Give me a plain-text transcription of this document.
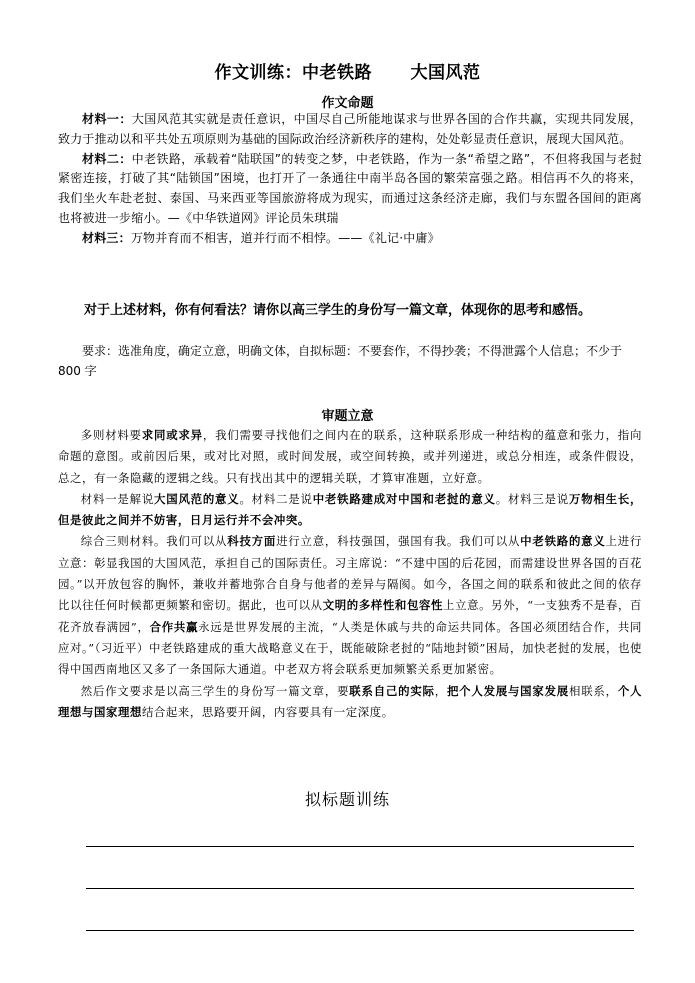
作文训练：中老铁路      大国风范
作文命题

材料一：大国风范其实就是责任意识，中国尽自己所能地谋求与世界各国的合作共赢，实现共同发展，致力于推动以和平共处五项原则为基础的国际政治经济新秩序的建构，处处彰显责任意识，展现大国风范。

材料二：中老铁路，承载着“陆联国”的转变之梦，中老铁路，作为一条“希望之路”，不但将我国与老挝紧密连接，打破了其“陆锁国”困境，也打开了一条通往中南半岛各国的繁荣富强之路。相信再不久的将来，我们坐火车赴老挝、泰国、马来西亚等国旅游将成为现实，而通过这条经济走廊，我们与东盟各国间的距离也将被进一步缩小。—《中华铁道网》评论员朱琪瑞

材料三：万物并育而不相害，道并行而不相悖。——《礼记·中庸》

对于上述材料，你有何看法？请你以高三学生的身份写一篇文章，体现你的思考和感悟。
要求：选准角度，确定立意，明确文体，自拟标题：不要套作，不得抄袭；不得泄露个人信息；不少于 800 字
审题立意

多则材料要求同或求异，我们需要寻找他们之间内在的联系，这种联系形成一种结构的蕴意和张力，指向命题的意图。或前因后果，或对比对照，或时间发展，或空间转换，或并列递进，或总分相连，或条件假设，总之，有一条隐藏的逻辑之线。只有找出其中的逻辑关联，才算审准题，立好意。

材料一是解说大国风范的意义。材料二是说中老铁路建成对中国和老挝的意义。材料三是说万物相生长，但是彼此之间并不妨害，日月运行并不会冲突。

综合三则材料。我们可以从科技方面进行立意，科技强国，强国有我。我们可以从中老铁路的意义上进行立意：彰显我国的大国风范，承担自己的国际责任。习主席说：“不建中国的后花园，而需建设世界各国的百花园。”以开放包容的胸怀，兼收并蓄地弥合自身与他者的差异与隔阂。如今，各国之间的联系和彼此之间的依存比以往任何时候都更频繁和密切。据此，也可以从文明的多样性和包容性上立意。另外，“一支独秀不是春，百花齐放春满园”，合作共赢永远是世界发展的主流，“人类是休戚与共的命运共同体。各国必须团结合作，共同应对。”（习近平）中老铁路建成的重大战略意义在于，既能破除老挝的“陆地封锁”困局，加快老挝的发展，也使得中国西南地区又多了一条国际大通道。中老双方将会联系更加频繁关系更加紧密。

然后作文要求是以高三学生的身份写一篇文章，要联系自己的实际，把个人发展与国家发展相联系，个人理想与国家理想结合起来，思路要开阔，内容要具有一定深度。

拟标题训练
